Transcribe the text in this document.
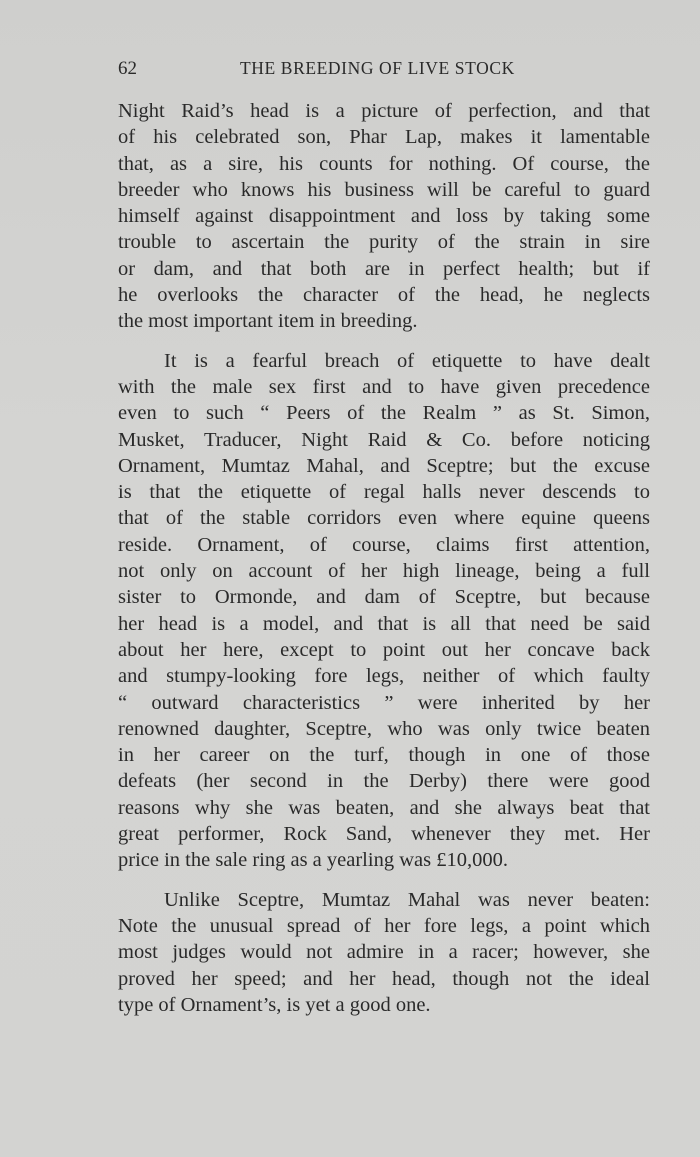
62	THE BREEDING OF LIVE STOCK

Night Raid’s head is a picture of perfection, and that
of his celebrated son, Phar Lap, makes it lamentable
that, as a sire, his counts for nothing. Of course, the
breeder who knows his business will be careful to guard
himself against disappointment and loss by taking some
trouble to ascertain the purity of the strain in sire
or dam, and that both are in perfect health; but if
he overlooks the character of the head, he neglects
the most important item in breeding.

It is a fearful breach of etiquette to have dealt
with the male sex first and to have given precedence
even to such “ Peers of the Realm ” as St. Simon,
Musket, Traducer, Night Raid & Co. before noticing
Ornament, Mumtaz Mahal, and Sceptre; but the excuse
is that the etiquette of regal halls never descends to
that of the stable corridors even where equine queens
reside. Ornament, of course, claims first attention,
not only on account of her high lineage, being a full
sister to Ormonde, and dam of Sceptre, but because
her head is a model, and that is all that need be said
about her here, except to point out her concave back
and stumpy-looking fore legs, neither of which faulty
“ outward characteristics ” were inherited by her
renowned daughter, Sceptre, who was only twice beaten
in her career on the turf, though in one of those
defeats (her second in the Derby) there were good
reasons why she was beaten, and she always beat that
great performer, Rock Sand, whenever they met. Her
price in the sale ring as a yearling was £10,000.

Unlike Sceptre, Mumtaz Mahal was never beaten:
Note the unusual spread of her fore legs, a point which
most judges would not admire in a racer; however, she
proved her speed; and her head, though not the ideal
type of Ornament’s, is yet a good one.
